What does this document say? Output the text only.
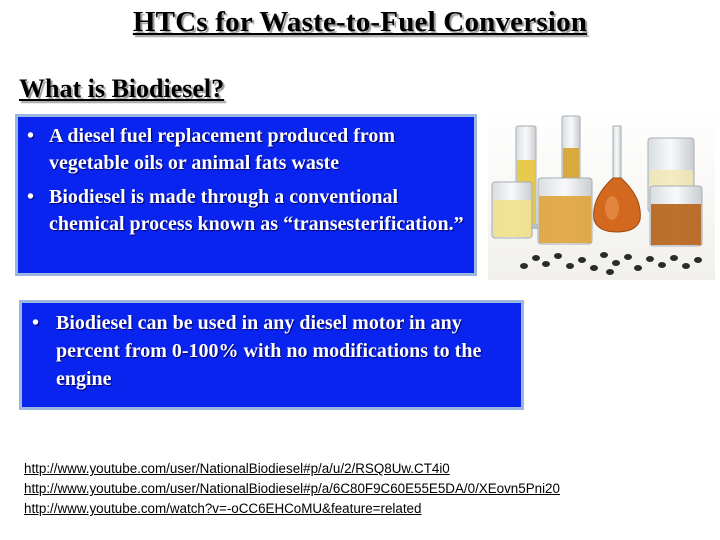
HTCs for Waste-to-Fuel Conversion
What is Biodiesel?
• A diesel fuel replacement produced from vegetable oils or animal fats waste
• Biodiesel is made through a conventional chemical process known as “transesterification.”
• Biodiesel can be used in any diesel motor in any percent from 0-100% with no modifications to the engine
http://www.youtube.com/user/NationalBiodiesel#p/a/u/2/RSQ8Uw.CT4i0
http://www.youtube.com/user/NationalBiodiesel#p/a/6C80F9C60E55E5DA/0/XEovn5Pni20
http://www.youtube.com/watch?v=-oCC6EHCoMU&feature=related
